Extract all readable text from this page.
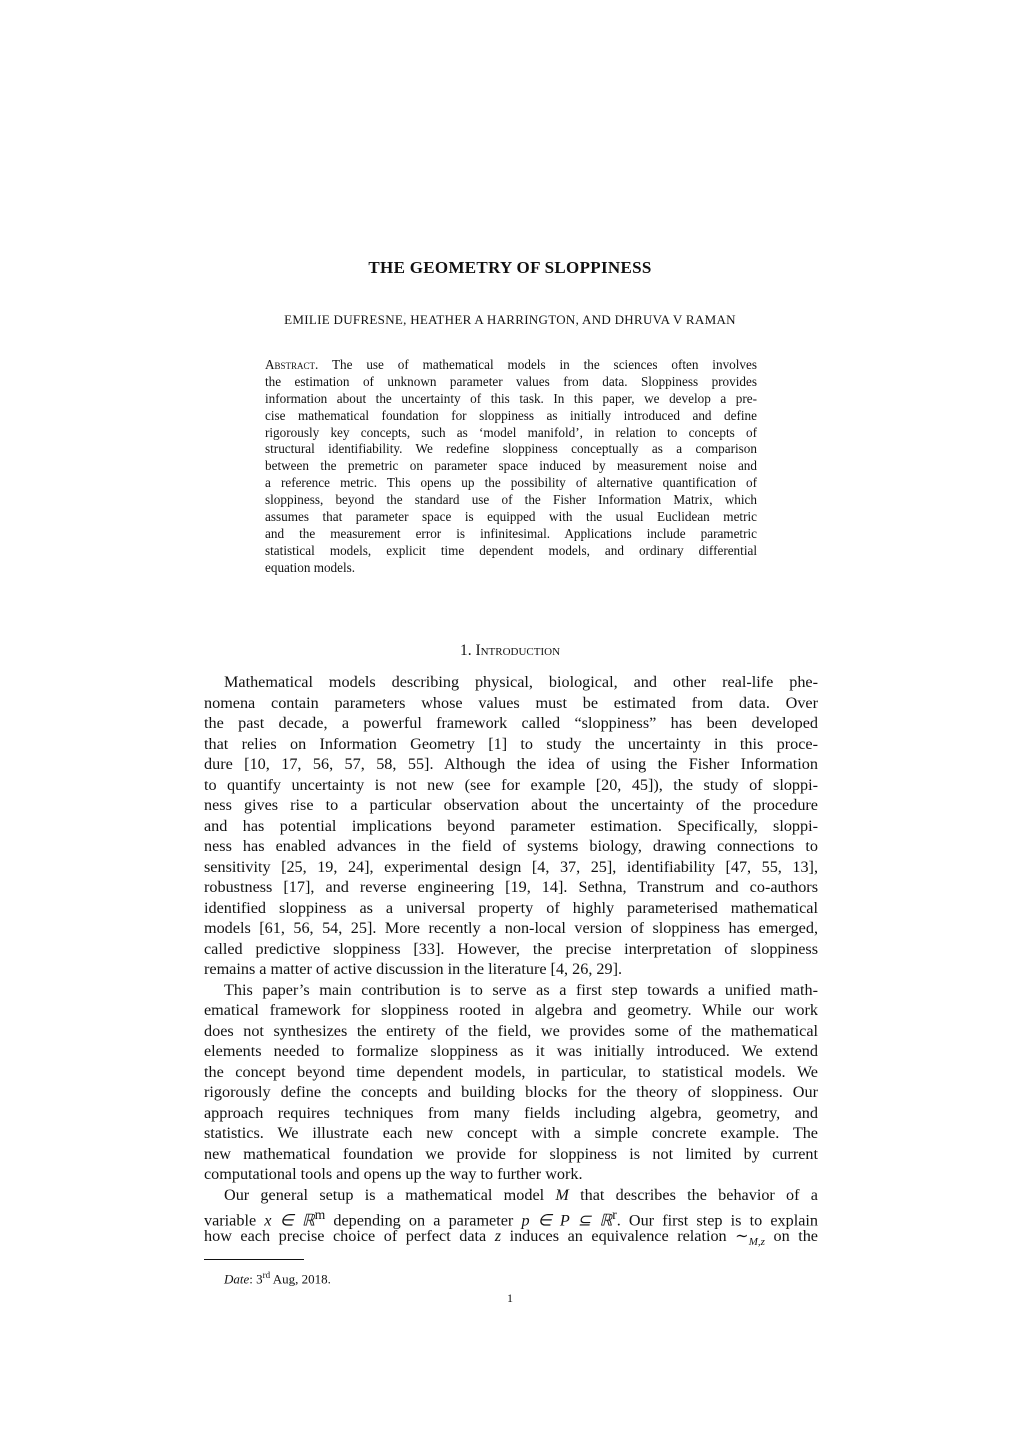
THE GEOMETRY OF SLOPPINESS
EMILIE DUFRESNE, HEATHER A HARRINGTON, AND DHRUVA V RAMAN
Abstract. The use of mathematical models in the sciences often involves
the estimation of unknown parameter values from data. Sloppiness provides
information about the uncertainty of this task. In this paper, we develop a pre-
cise mathematical foundation for sloppiness as initially introduced and define
rigorously key concepts, such as ‘model manifold’, in relation to concepts of
structural identifiability. We redefine sloppiness conceptually as a comparison
between the premetric on parameter space induced by measurement noise and
a reference metric. This opens up the possibility of alternative quantification of
sloppiness, beyond the standard use of the Fisher Information Matrix, which
assumes that parameter space is equipped with the usual Euclidean metric
and the measurement error is infinitesimal. Applications include parametric
statistical models, explicit time dependent models, and ordinary differential
equation models.
1. Introduction
Mathematical models describing physical, biological, and other real-life phe-
nomena contain parameters whose values must be estimated from data. Over
the past decade, a powerful framework called “sloppiness” has been developed
that relies on Information Geometry [1] to study the uncertainty in this proce-
dure [10, 17, 56, 57, 58, 55]. Although the idea of using the Fisher Information
to quantify uncertainty is not new (see for example [20, 45]), the study of sloppi-
ness gives rise to a particular observation about the uncertainty of the procedure
and has potential implications beyond parameter estimation. Specifically, sloppi-
ness has enabled advances in the field of systems biology, drawing connections to
sensitivity [25, 19, 24], experimental design [4, 37, 25], identifiability [47, 55, 13],
robustness [17], and reverse engineering [19, 14]. Sethna, Transtrum and co-authors
identified sloppiness as a universal property of highly parameterised mathematical
models [61, 56, 54, 25]. More recently a non-local version of sloppiness has emerged,
called predictive sloppiness [33]. However, the precise interpretation of sloppiness
remains a matter of active discussion in the literature [4, 26, 29].
This paper’s main contribution is to serve as a first step towards a unified math-
ematical framework for sloppiness rooted in algebra and geometry. While our work
does not synthesizes the entirety of the field, we provides some of the mathematical
elements needed to formalize sloppiness as it was initially introduced. We extend
the concept beyond time dependent models, in particular, to statistical models. We
rigorously define the concepts and building blocks for the theory of sloppiness. Our
approach requires techniques from many fields including algebra, geometry, and
statistics. We illustrate each new concept with a simple concrete example. The
new mathematical foundation we provide for sloppiness is not limited by current
computational tools and opens up the way to further work.
Our general setup is a mathematical model M that describes the behavior of a
variable x ∈ ℝ$^m$ depending on a parameter p ∈ P ⊆ ℝ$^r$. Our first step is to explain
how each precise choice of perfect data z induces an equivalence relation $\sim_{M,z}$ on the
Date: 3rd Aug, 2018.
1
